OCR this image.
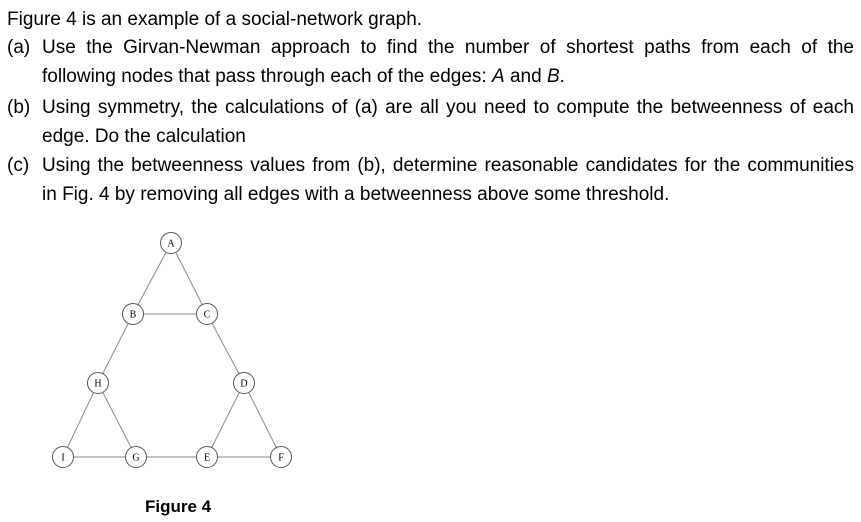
Figure 4 is an example of a social-network graph.
(a) Use the Girvan-Newman approach to find the number of shortest paths from each of the following nodes that pass through each of the edges: A and B.
(b) Using symmetry, the calculations of (a) are all you need to compute the betweenness of each edge. Do the calculation
(c) Using the betweenness values from (b), determine reasonable candidates for the communities in Fig. 4 by removing all edges with a betweenness above some threshold.
A
B	C
H	D
I	G	E	F
Figure 4
